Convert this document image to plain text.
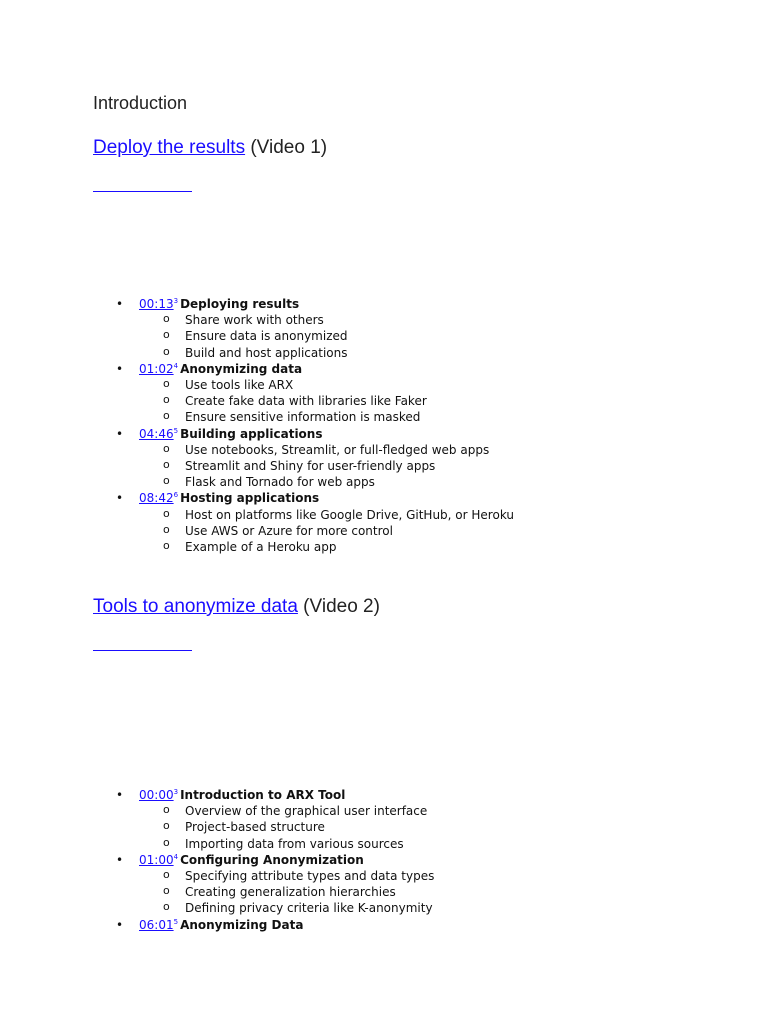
Introduction
Deploy the results (Video 1)
• $00:13^3$ Deploying results
o Share work with others
o Ensure data is anonymized
o Build and host applications
• $01:02^4$ Anonymizing data
o Use tools like ARX
o Create fake data with libraries like Faker
o Ensure sensitive information is masked
• $04:46^5$ Building applications
o Use notebooks, Streamlit, or full-fledged web apps
o Streamlit and Shiny for user-friendly apps
o Flask and Tornado for web apps
• $08:42^6$ Hosting applications
o Host on platforms like Google Drive, GitHub, or Heroku
o Use AWS or Azure for more control
o Example of a Heroku app
Tools to anonymize data (Video 2)
• $00:00^3$ Introduction to ARX Tool
o Overview of the graphical user interface
o Project-based structure
o Importing data from various sources
• $01:00^4$ Configuring Anonymization
o Specifying attribute types and data types
o Creating generalization hierarchies
o Defining privacy criteria like K-anonymity
• $06:01^5$ Anonymizing Data
